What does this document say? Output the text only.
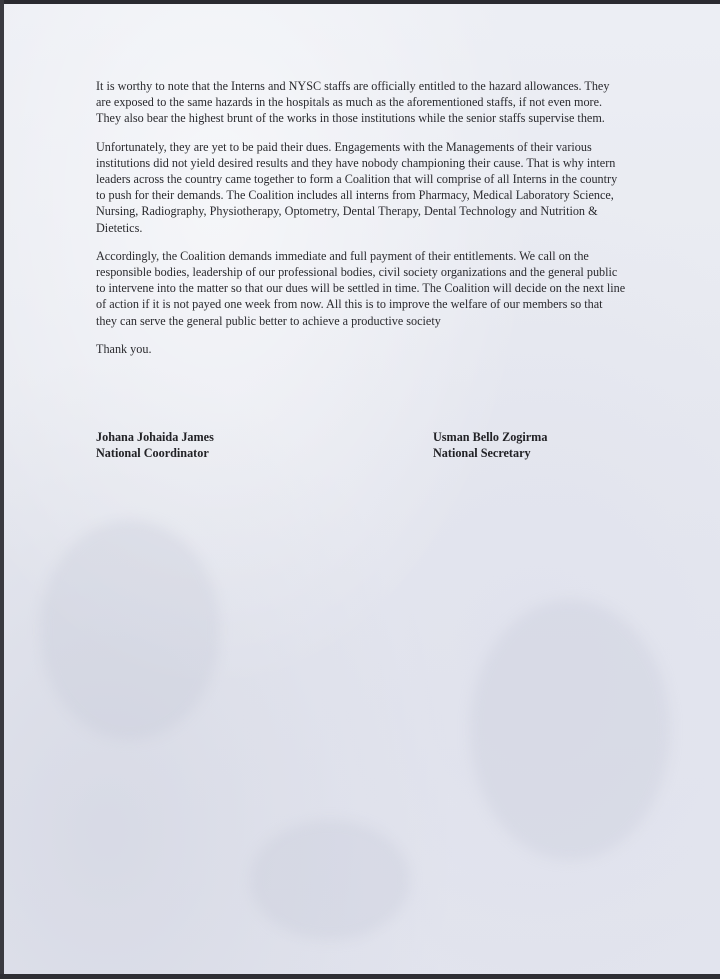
It is worthy to note that the Interns and NYSC staffs are officially entitled to the hazard allowances. They are exposed to the same hazards in the hospitals as much as the aforementioned staffs, if not even more. They also bear the highest brunt of the works in those institutions while the senior staffs supervise them.

Unfortunately, they are yet to be paid their dues. Engagements with the Managements of their various institutions did not yield desired results and they have nobody championing their cause. That is why intern leaders across the country came together to form a Coalition that will comprise of all Interns in the country to push for their demands. The Coalition includes all interns from Pharmacy, Medical Laboratory Science, Nursing, Radiography, Physiotherapy, Optometry, Dental Therapy, Dental Technology and Nutrition & Dietetics.

Accordingly, the Coalition demands immediate and full payment of their entitlements. We call on the responsible bodies, leadership of our professional bodies, civil society organizations and the general public to intervene into the matter so that our dues will be settled in time. The Coalition will decide on the next line of action if it is not payed one week from now. All this is to improve the welfare of our members so that they can serve the general public better to achieve a productive society

Thank you.

Johana Johaida James
National Coordinator
Usman Bello Zogirma
National Secretary
